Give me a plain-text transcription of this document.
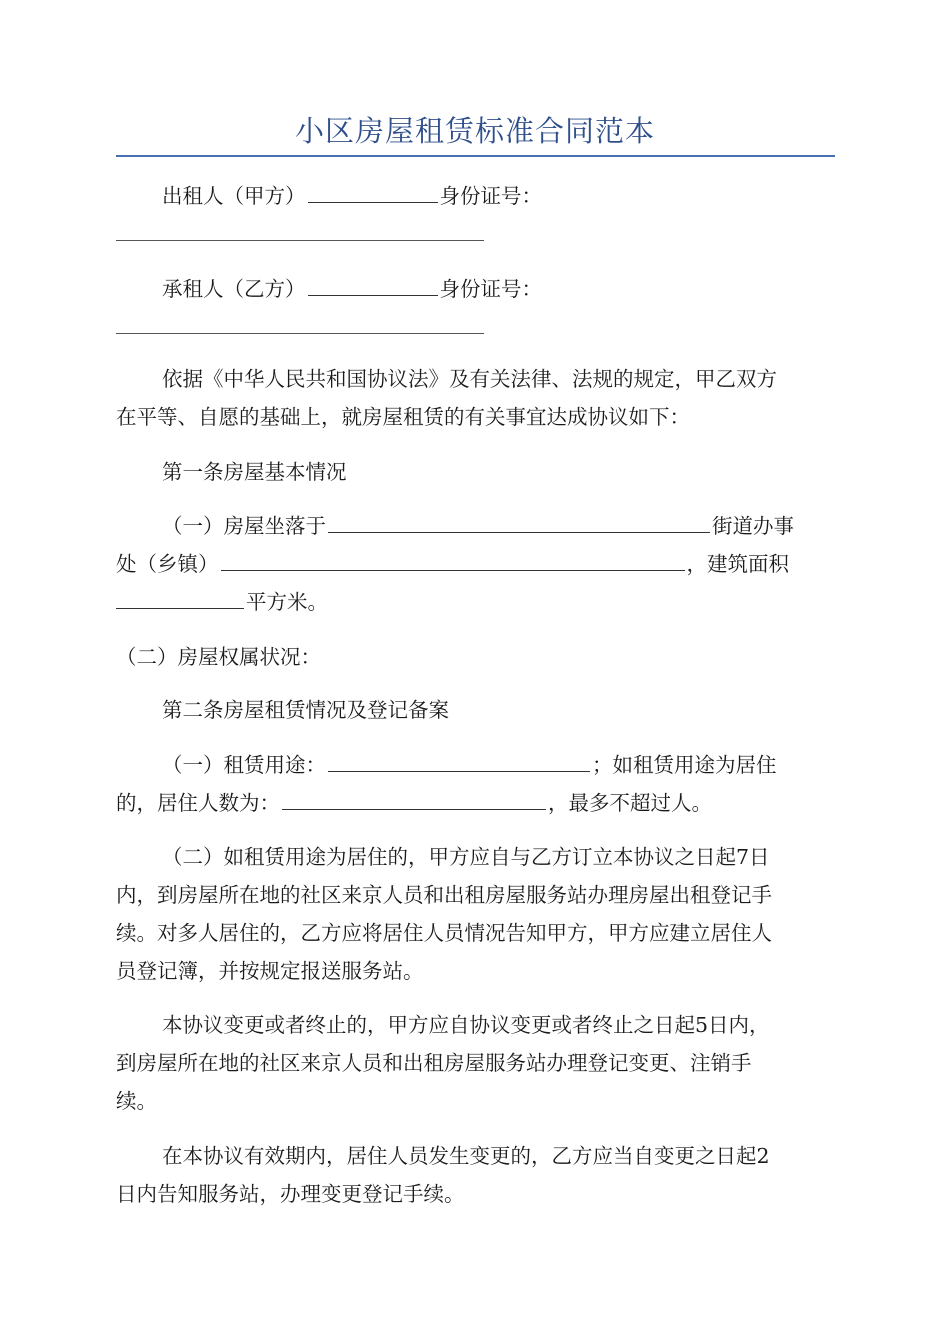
小区房屋租赁标准合同范本
出租人（甲方）	身份证号：
承租人（乙方）	身份证号：
依据《中华人民共和国协议法》及有关法律、法规的规定，甲乙双方
在平等、自愿的基础上，就房屋租赁的有关事宜达成协议如下：
第一条房屋基本情况
（一）房屋坐落于	街道办事
处（乡镇）	，建筑面积
平方米。
（二）房屋权属状况：
第二条房屋租赁情况及登记备案
（一）租赁用途：	；如租赁用途为居住
的，居住人数为：	，最多不超过人。
（二）如租赁用途为居住的，甲方应自与乙方订立本协议之日起7日
内，到房屋所在地的社区来京人员和出租房屋服务站办理房屋出租登记手
续。对多人居住的，乙方应将居住人员情况告知甲方，甲方应建立居住人
员登记簿，并按规定报送服务站。
本协议变更或者终止的，甲方应自协议变更或者终止之日起5日内，
到房屋所在地的社区来京人员和出租房屋服务站办理登记变更、注销手
续。
在本协议有效期内，居住人员发生变更的，乙方应当自变更之日起2
日内告知服务站，办理变更登记手续。
